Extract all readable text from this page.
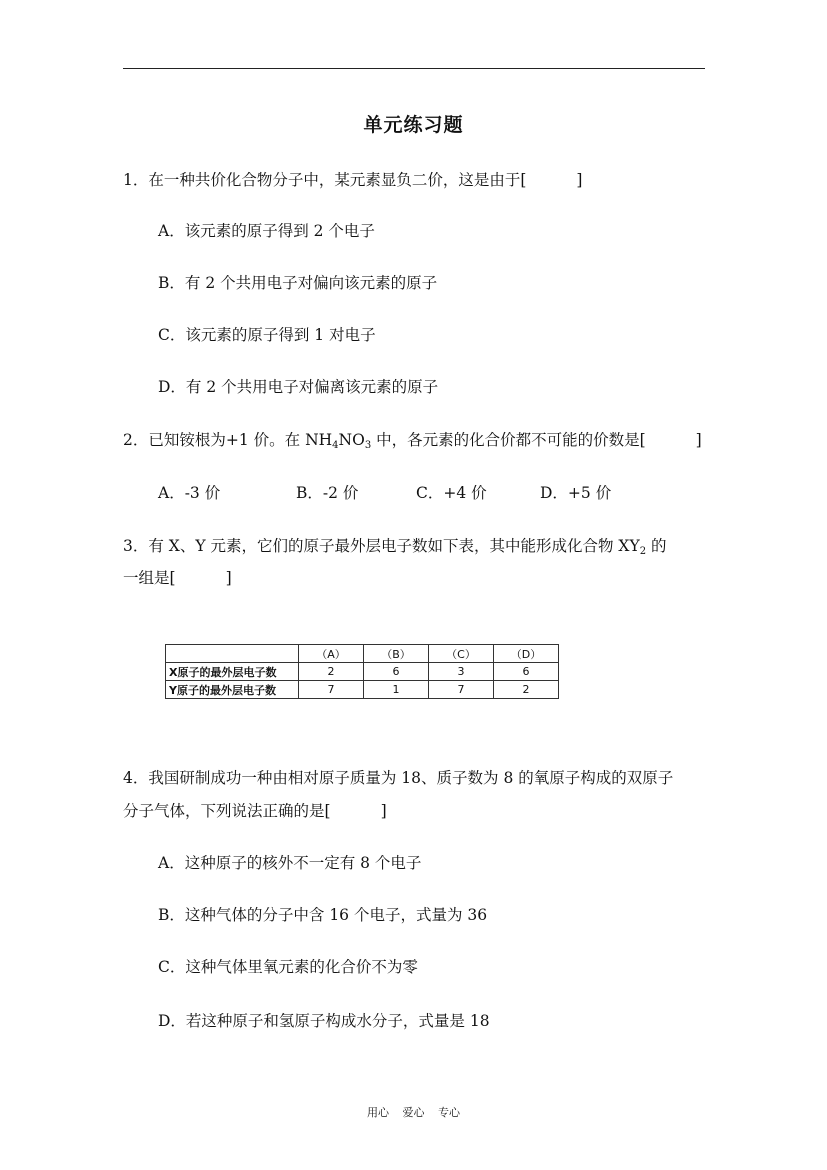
单元练习题
1．在一种共价化合物分子中，某元素显负二价，这是由于[	]
A．该元素的原子得到 2 个电子
B．有 2 个共用电子对偏向该元素的原子
C．该元素的原子得到 1 对电子
D．有 2 个共用电子对偏离该元素的原子
2．已知铵根为+1 价。在 $NH_4NO_3$ 中，各元素的化合价都不可能的价数是[	]
A．-3 价	B．-2 价	C．+4 价	D．+5 价
3．有 X、Y 元素，它们的原子最外层电子数如下表，其中能形成化合物 $XY_2$ 的
一组是[	]
	（A）	（B）	（C）	（D）
X原子的最外层电子数	2	6	3	6
Y原子的最外层电子数	7	1	7	2
4．我国研制成功一种由相对原子质量为 18、质子数为 8 的氧原子构成的双原子
分子气体，下列说法正确的是[	]
A．这种原子的核外不一定有 8 个电子
B．这种气体的分子中含 16 个电子，式量为 36
C．这种气体里氧元素的化合价不为零
D．若这种原子和氢原子构成水分子，式量是 18
用心 爱心 专心
